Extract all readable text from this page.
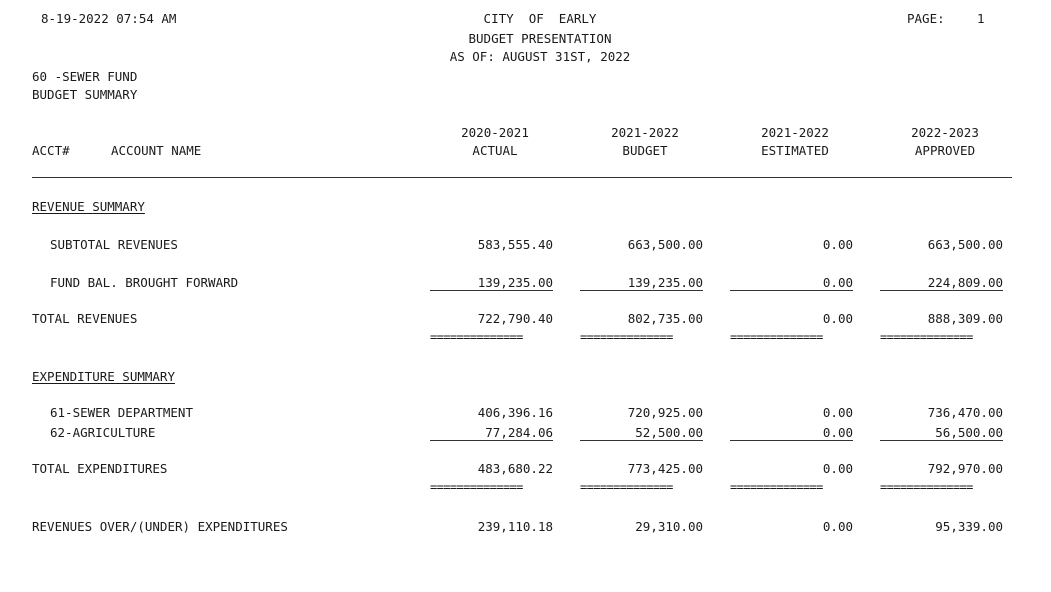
8-19-2022 07:54 AM	CITY  OF  EARLY
BUDGET PRESENTATION
AS OF: AUGUST 31ST, 2022
PAGE:	1
60 -SEWER FUND
BUDGET SUMMARY
ACCT#	ACCOUNT NAME
2020-2021
ACTUAL
2021-2022
BUDGET
2021-2022
ESTIMATED
2022-2023
APPROVED
REVENUE SUMMARY
SUBTOTAL REVENUES	583,555.40	663,500.00	0.00	663,500.00
FUND BAL. BROUGHT FORWARD	139,235.00	139,235.00	0.00	224,809.00
TOTAL REVENUES	722,790.40	802,735.00	0.00	888,309.00
==============	==============	==============	==============
EXPENDITURE SUMMARY
61-SEWER DEPARTMENT	406,396.16	720,925.00	0.00	736,470.00
62-AGRICULTURE	77,284.06	52,500.00	0.00	56,500.00
TOTAL EXPENDITURES	483,680.22	773,425.00	0.00	792,970.00
==============	==============	==============	==============
REVENUES OVER/(UNDER) EXPENDITURES	239,110.18	29,310.00	0.00	95,339.00
